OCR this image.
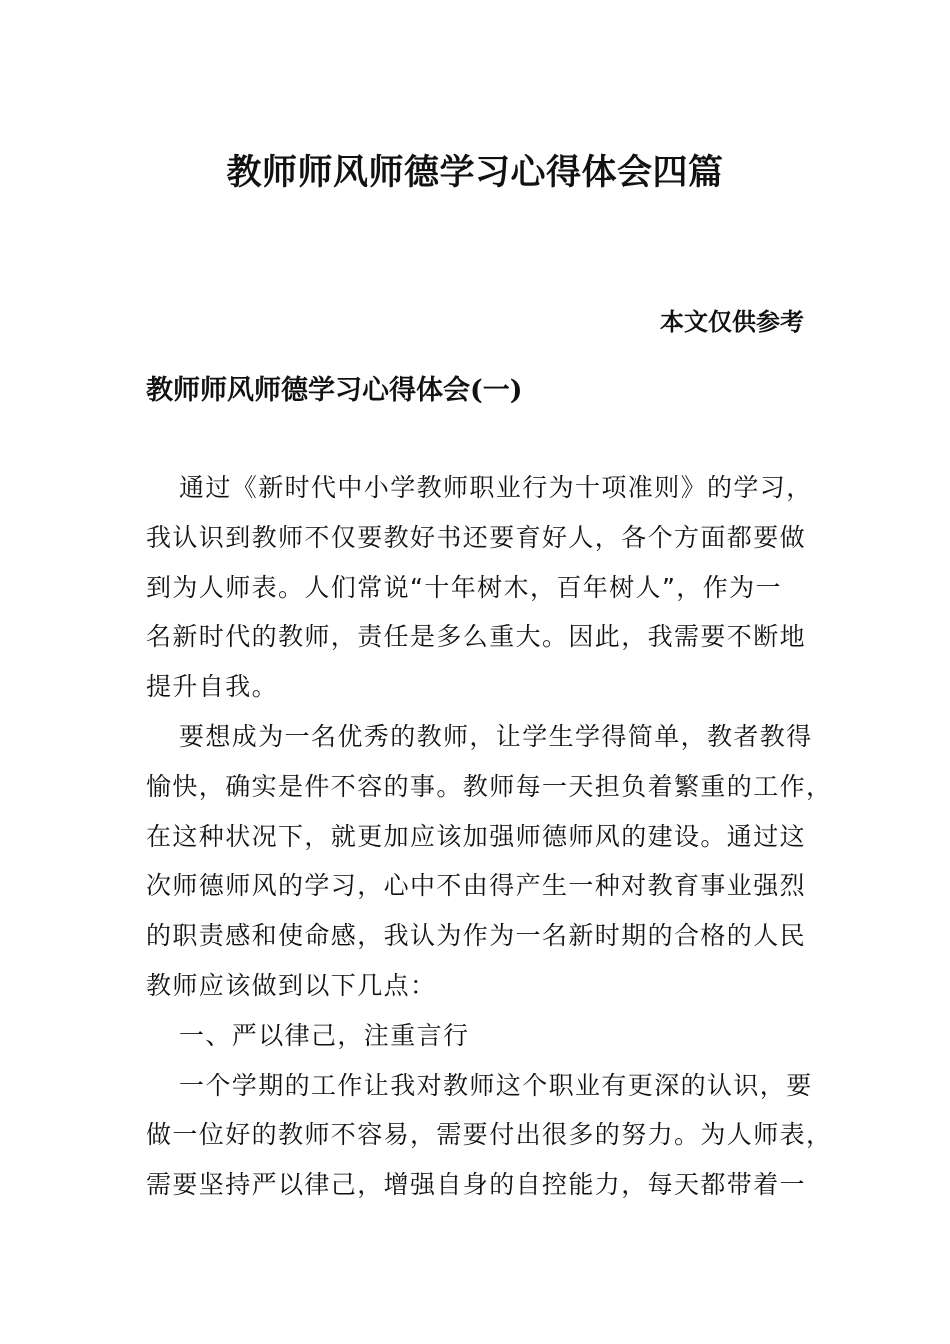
教师师风师德学习心得体会四篇

本文仅供参考

教师师风师德学习心得体会(一)
通过《新时代中小学教师职业行为十项准则》的学习，
我认识到教师不仅要教好书还要育好人，各个方面都要做
到为人师表。人们常说“十年树木，百年树人”，作为一
名新时代的教师，责任是多么重大。因此，我需要不断地
提升自我。
要想成为一名优秀的教师，让学生学得简单，教者教得
愉快，确实是件不容的事。教师每一天担负着繁重的工作，
在这种状况下，就更加应该加强师德师风的建设。通过这
次师德师风的学习，心中不由得产生一种对教育事业强烈
的职责感和使命感，我认为作为一名新时期的合格的人民
教师应该做到以下几点：
一、严以律己，注重言行
一个学期的工作让我对教师这个职业有更深的认识，要
做一位好的教师不容易，需要付出很多的努力。为人师表，
需要坚持严以律己，增强自身的自控能力，每天都带着一
